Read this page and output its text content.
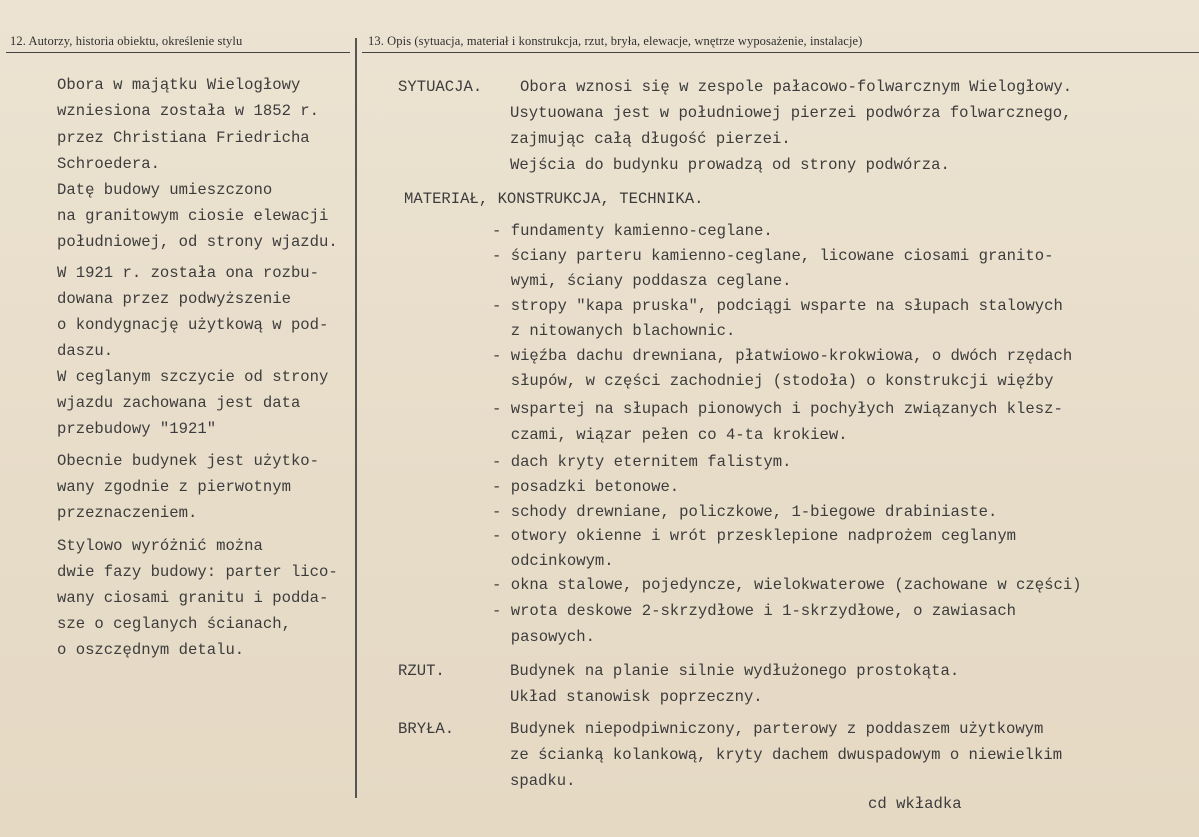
12. Autorzy, historia obiektu, określenie stylu	13. Opis (sytuacja, materiał i konstrukcja, rzut, bryła, elewacje, wnętrze wyposażenie, instalacje)
Obora w majątku Wielogłowy
wzniesiona została w 1852 r.
przez Christiana Friedricha
Schroedera.
Datę budowy umieszczono
na granitowym ciosie elewacji
południowej, od strony wjazdu.
W 1921 r. została ona rozbu-
dowana przez podwyższenie
o kondygnację użytkową w pod-
daszu.
W ceglanym szczycie od strony
wjazdu zachowana jest data
przebudowy "1921"
Obecnie budynek jest użytko-
wany zgodnie z pierwotnym
przeznaczeniem.
Stylowo wyróżnić można
dwie fazy budowy: parter lico-
wany ciosami granitu i podda-
sze o ceglanych ścianach,
o oszczędnym detalu.
SYTUACJA. Obora wznosi się w zespole pałacowo-folwarcznym Wielogłowy.
Usytuowana jest w południowej pierzei podwórza folwarcznego,
zajmując całą długość pierzei.
Wejścia do budynku prowadzą od strony podwórza.
MATERIAŁ, KONSTRUKCJA, TECHNIKA.
- fundamenty kamienno-ceglane.
- ściany parteru kamienno-ceglane, licowane ciosami granito-
wymi, ściany poddasza ceglane.
- stropy "kapa pruska", podciągi wsparte na słupach stalowych
z nitowanych blachownic.
- więźba dachu drewniana, płatwiowo-krokwiowa, o dwóch rzędach
słupów, w części zachodniej (stodoła) o konstrukcji więźby
- wspartej na słupach pionowych i pochyłych związanych klesz-
czami, wiązar pełen co 4-ta krokiew.
- dach kryty eternitem falistym.
- posadzki betonowe.
- schody drewniane, policzkowe, 1-biegowe drabiniaste.
- otwory okienne i wrót przesklepione nadprożem ceglanym
odcinkowym.
- okna stalowe, pojedyncze, wielokwaterowe (zachowane w części)
- wrota deskowe 2-skrzydłowe i 1-skrzydłowe, o zawiasach
pasowych.
RZUT.	Budynek na planie silnie wydłużonego prostokąta.
Układ stanowisk poprzeczny.
BRYŁA.	Budynek niepodpiwniczony, parterowy z poddaszem użytkowym
ze ścianką kolankową, kryty dachem dwuspadowym o niewielkim
spadku.
cd wkładka
